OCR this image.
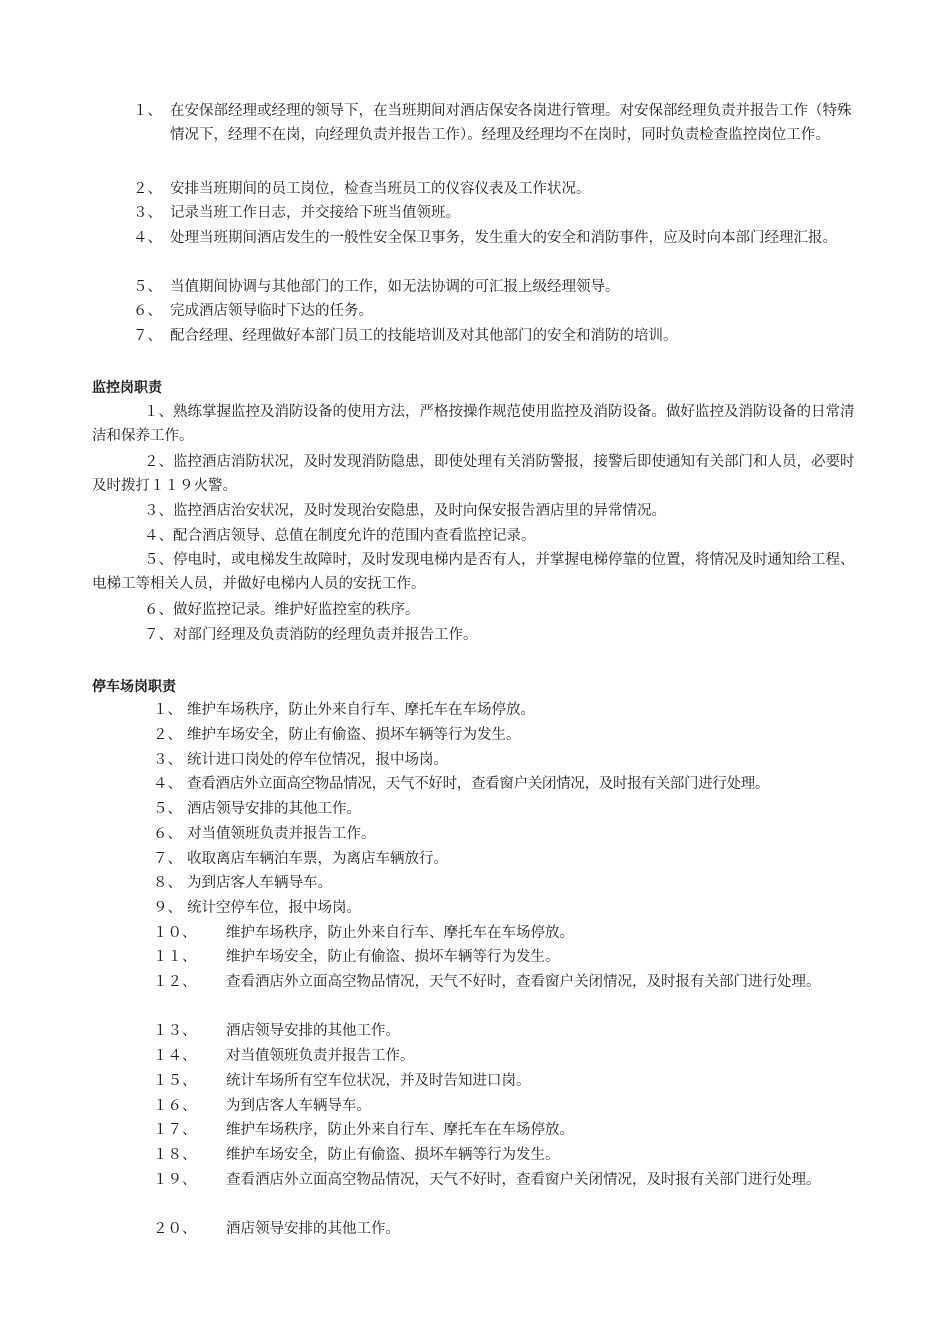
１、 在安保部经理或经理的领导下，在当班期间对酒店保安各岗进行管理。对安保部经理负责并报告工作（特殊情况下，经理不在岗，向经理负责并报告工作）。经理及经理均不在岗时，同时负责检查监控岗位工作。
２、 安排当班期间的员工岗位，检查当班员工的仪容仪表及工作状况。
３、 记录当班工作日志，并交接给下班当值领班。
４、 处理当班期间酒店发生的一般性安全保卫事务，发生重大的安全和消防事件，应及时向本部门经理汇报。
５、 当值期间协调与其他部门的工作，如无法协调的可汇报上级经理领导。
６、 完成酒店领导临时下达的任务。
７、 配合经理、经理做好本部门员工的技能培训及对其他部门的安全和消防的培训。
监控岗职责
１、熟练掌握监控及消防设备的使用方法，严格按操作规范使用监控及消防设备。做好监控及消防设备的日常清洁和保养工作。
２、监控酒店消防状况，及时发现消防隐患，即使处理有关消防警报，接警后即使通知有关部门和人员，必要时及时拨打１１９火警。
３、监控酒店治安状况，及时发现治安隐患，及时向保安报告酒店里的异常情况。
４、配合酒店领导、总值在制度允许的范围内查看监控记录。
５、停电时，或电梯发生故障时，及时发现电梯内是否有人，并掌握电梯停靠的位置，将情况及时通知给工程、电梯工等相关人员，并做好电梯内人员的安抚工作。
６、做好监控记录。维护好监控室的秩序。
７、对部门经理及负责消防的经理负责并报告工作。
停车场岗职责
１、 维护车场秩序，防止外来自行车、摩托车在车场停放。
２、 维护车场安全，防止有偷盗、损坏车辆等行为发生。
３、 统计进口岗处的停车位情况，报中场岗。
４、 查看酒店外立面高空物品情况，天气不好时，查看窗户关闭情况，及时报有关部门进行处理。
５、 酒店领导安排的其他工作。
６、 对当值领班负责并报告工作。
７、 收取离店车辆泊车票，为离店车辆放行。
８、 为到店客人车辆导车。
９、 统计空停车位，报中场岗。
１０、 维护车场秩序，防止外来自行车、摩托车在车场停放。
１１、 维护车场安全，防止有偷盗、损坏车辆等行为发生。
１２、 查看酒店外立面高空物品情况，天气不好时，查看窗户关闭情况，及时报有关部门进行处理。
１３、 酒店领导安排的其他工作。
１４、 对当值领班负责并报告工作。
１５、 统计车场所有空车位状况，并及时告知进口岗。
１６、 为到店客人车辆导车。
１７、 维护车场秩序，防止外来自行车、摩托车在车场停放。
１８、 维护车场安全，防止有偷盗、损坏车辆等行为发生。
１９、 查看酒店外立面高空物品情况，天气不好时，查看窗户关闭情况，及时报有关部门进行处理。
２０、 酒店领导安排的其他工作。
